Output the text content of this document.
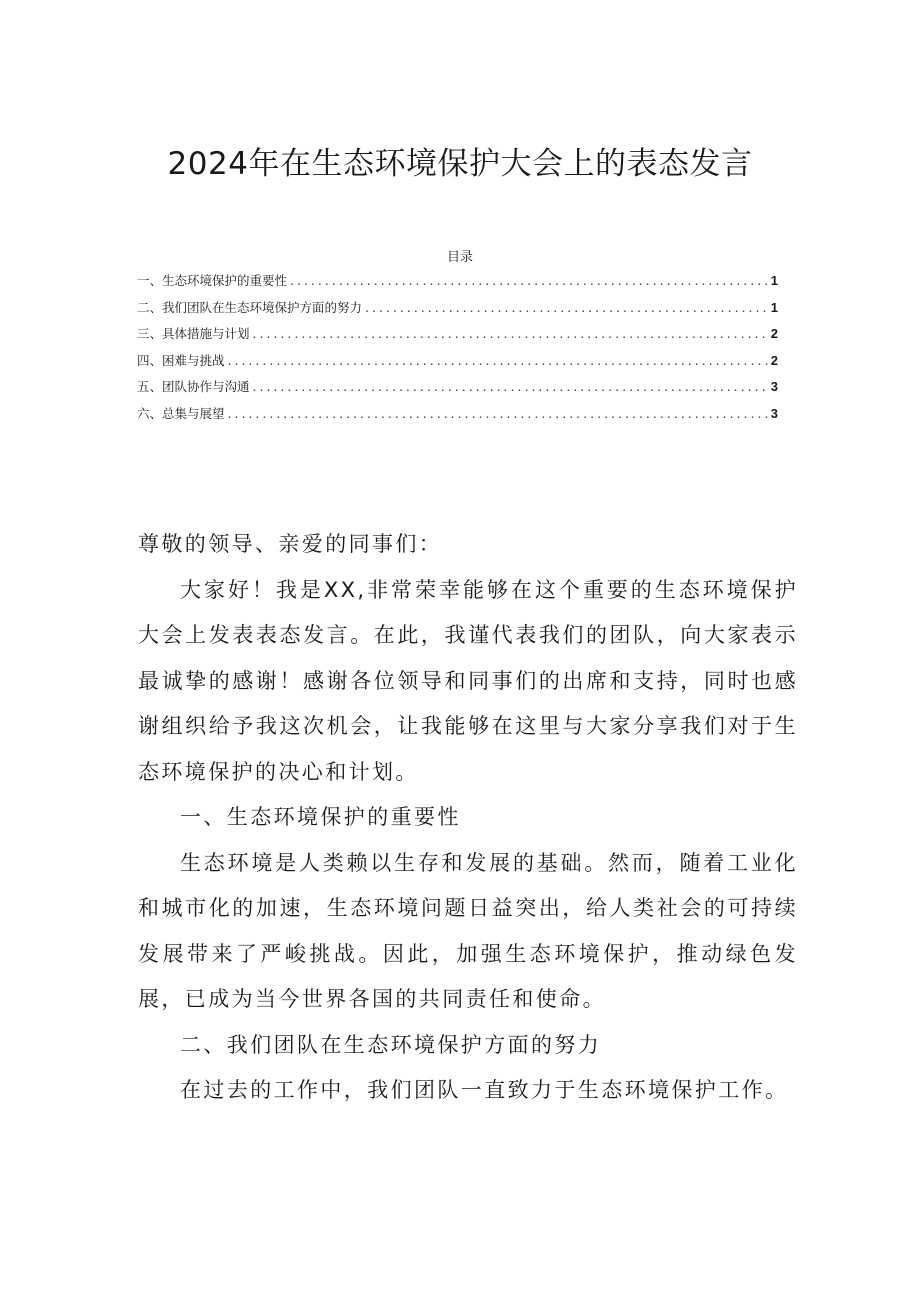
2024年在生态环境保护大会上的表态发言
目录
一、生态环境保护的重要性 .....	1
二、我们团队在生态环境保护方面的努力 .....	1
三、具体措施与计划 .....	2
四、困难与挑战 .....	2
五、团队协作与沟通 .....	3
六、总集与展望 .....	3

尊敬的领导、亲爱的同事们：

大家好！我是XX,非常荣幸能够在这个重要的生态环境保护大会上发表表态发言。在此，我谨代表我们的团队，向大家表示最诚挚的感谢！感谢各位领导和同事们的出席和支持，同时也感谢组织给予我这次机会，让我能够在这里与大家分享我们对于生态环境保护的决心和计划。

一、生态环境保护的重要性

生态环境是人类赖以生存和发展的基础。然而，随着工业化和城市化的加速，生态环境问题日益突出，给人类社会的可持续发展带来了严峻挑战。因此，加强生态环境保护，推动绿色发展，已成为当今世界各国的共同责任和使命。

二、我们团队在生态环境保护方面的努力

在过去的工作中，我们团队一直致力于生态环境保护工作。
